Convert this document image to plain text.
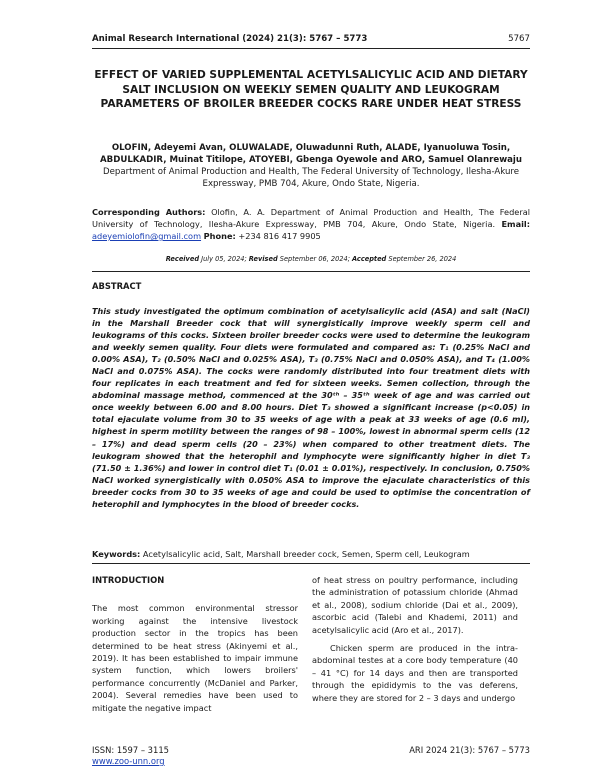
Animal Research International (2024) 21(3): 5767 – 5773	5767
EFFECT OF VARIED SUPPLEMENTAL ACETYLSALICYLIC ACID AND DIETARY SALT INCLUSION ON WEEKLY SEMEN QUALITY AND LEUKOGRAM PARAMETERS OF BROILER BREEDER COCKS RARE UNDER HEAT STRESS
OLOFIN, Adeyemi Avan, OLUWALADE, Oluwadunni Ruth, ALADE, Iyanuoluwa Tosin, ABDULKADIR, Muinat Titilope, ATOYEBI, Gbenga Oyewole and ARO, Samuel Olanrewaju
Department of Animal Production and Health, The Federal University of Technology, Ilesha-Akure Expressway, PMB 704, Akure, Ondo State, Nigeria.
Corresponding Authors: Olofin, A. A. Department of Animal Production and Health, The Federal University of Technology, Ilesha-Akure Expressway, PMB 704, Akure, Ondo State, Nigeria. Email: adeyemiolofin@gmail.com Phone: +234 816 417 9905
Received July 05, 2024; Revised September 06, 2024; Accepted September 26, 2024
ABSTRACT
This study investigated the optimum combination of acetylsalicylic acid (ASA) and salt (NaCl) in the Marshall Breeder cock that will synergistically improve weekly sperm cell and leukograms of this cocks. Sixteen broiler breeder cocks were used to determine the leukogram and weekly semen quality. Four diets were formulated and compared as: T₁ (0.25% NaCl and 0.00% ASA), T₂ (0.50% NaCl and 0.025% ASA), T₃ (0.75% NaCl and 0.050% ASA), and T₄ (1.00% NaCl and 0.075% ASA). The cocks were randomly distributed into four treatment diets with four replicates in each treatment and fed for sixteen weeks. Semen collection, through the abdominal massage method, commenced at the 30ᵗʰ – 35ᵗʰ week of age and was carried out once weekly between 6.00 and 8.00 hours. Diet T₃ showed a significant increase (p<0.05) in total ejaculate volume from 30 to 35 weeks of age with a peak at 33 weeks of age (0.6 ml), highest in sperm motility between the ranges of 98 – 100%, lowest in abnormal sperm cells (12 – 17%) and dead sperm cells (20 – 23%) when compared to other treatment diets. The leukogram showed that the heterophil and lymphocyte were significantly higher in diet T₃ (71.50 ± 1.36%) and lower in control diet T₁ (0.01 ± 0.01%), respectively. In conclusion, 0.750% NaCl worked synergistically with 0.050% ASA to improve the ejaculate characteristics of this breeder cocks from 30 to 35 weeks of age and could be used to optimise the concentration of heterophil and lymphocytes in the blood of breeder cocks.
Keywords: Acetylsalicylic acid, Salt, Marshall breeder cock, Semen, Sperm cell, Leukogram
INTRODUCTION

The most common environmental stressor working against the intensive livestock production sector in the tropics has been determined to be heat stress (Akinyemi et al., 2019). It has been established to impair immune system function, which lowers broilers' performance concurrently (McDaniel and Parker, 2004). Several remedies have been used to mitigate the negative impact

of heat stress on poultry performance, including the administration of potassium chloride (Ahmad et al., 2008), sodium chloride (Dai et al., 2009), ascorbic acid (Talebi and Khademi, 2011) and acetylsalicylic acid (Aro et al., 2017).

Chicken sperm are produced in the intra-abdominal testes at a core body temperature (40 – 41 °C) for 14 days and then are transported through the epididymis to the vas deferens, where they are stored for 2 – 3 days and undergo

ISSN: 1597 – 3115
www.zoo-unn.org
ARI 2024 21(3): 5767 – 5773
